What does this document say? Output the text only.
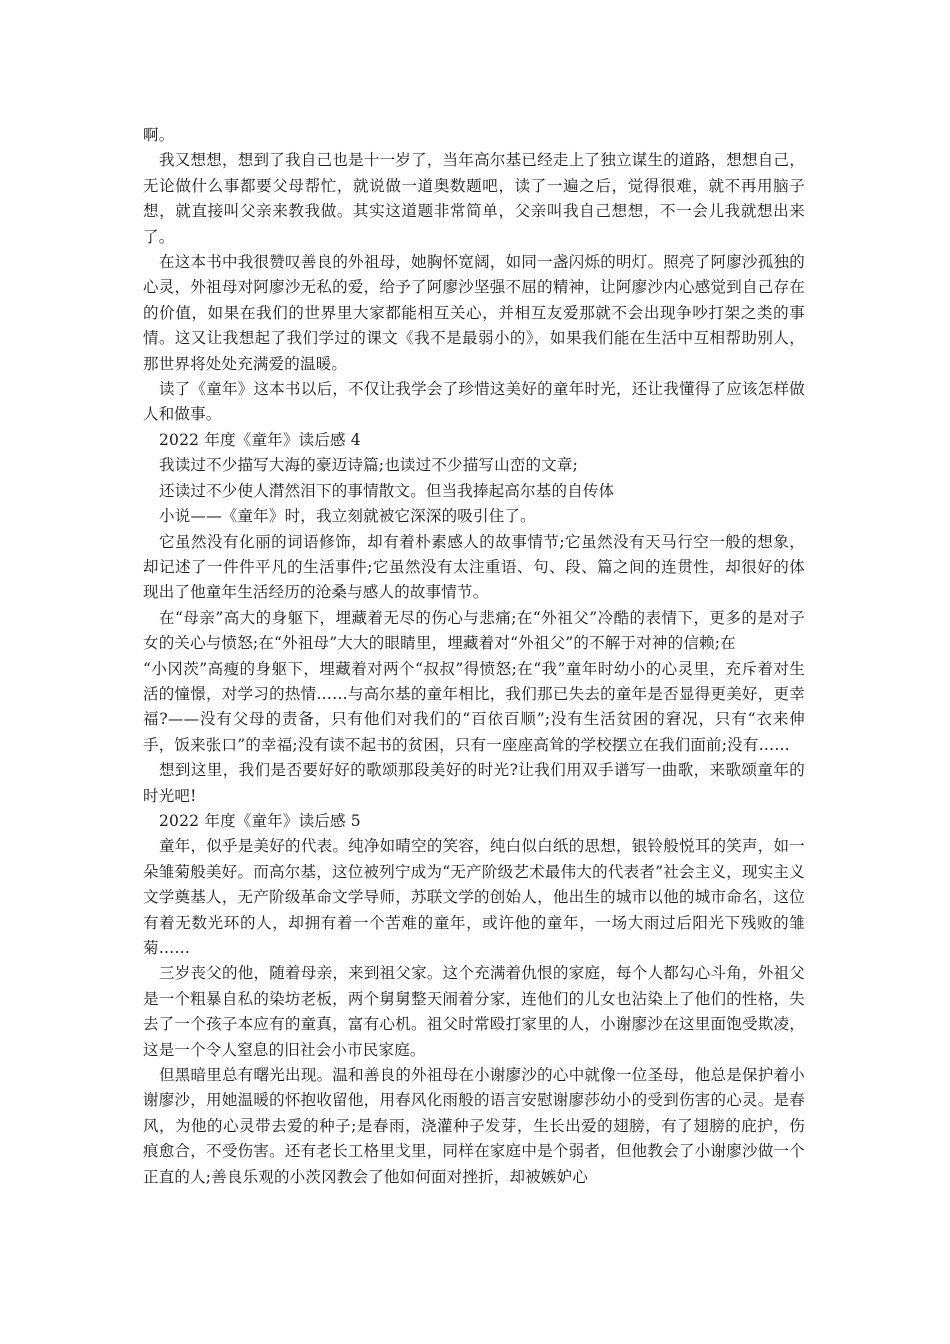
啊。

我又想想，想到了我自己也是十一岁了，当年高尔基已经走上了独立谋生的道路，想想自己，无论做什么事都要父母帮忙，就说做一道奥数题吧，读了一遍之后，觉得很难，就不再用脑子想，就直接叫父亲来教我做。其实这道题非常简单，父亲叫我自己想想，不一会儿我就想出来了。

在这本书中我很赞叹善良的外祖母，她胸怀宽阔，如同一盏闪烁的明灯。照亮了阿廖沙孤独的心灵，外祖母对阿廖沙无私的爱，给予了阿廖沙坚强不屈的精神，让阿廖沙内心感觉到自己存在的价值，如果在我们的世界里大家都能相互关心，并相互友爱那就不会出现争吵打架之类的事情。这又让我想起了我们学过的课文《我不是最弱小的》，如果我们能在生活中互相帮助别人，那世界将处处充满爱的温暖。

读了《童年》这本书以后，不仅让我学会了珍惜这美好的童年时光，还让我懂得了应该怎样做人和做事。

2022 年度《童年》读后感 4

我读过不少描写大海的豪迈诗篇;也读过不少描写山峦的文章;

还读过不少使人潸然泪下的事情散文。但当我捧起高尔基的自传体

小说——《童年》时，我立刻就被它深深的吸引住了。

它虽然没有化丽的词语修饰，却有着朴素感人的故事情节;它虽然没有天马行空一般的想象，却记述了一件件平凡的生活事件;它虽然没有太注重语、句、段、篇之间的连贯性，却很好的体现出了他童年生活经历的沧桑与感人的故事情节。

在“母亲”高大的身躯下，埋藏着无尽的伤心与悲痛;在“外祖父”冷酷的表情下，更多的是对子女的关心与愤怒;在“外祖母”大大的眼睛里，埋藏着对“外祖父”的不解于对神的信赖;在

“小冈茨”高瘦的身躯下，埋藏着对两个“叔叔”得愤怒;在“我”童年时幼小的心灵里，充斥着对生活的憧憬，对学习的热情……与高尔基的童年相比，我们那已失去的童年是否显得更美好，更幸福?——没有父母的责备，只有他们对我们的“百依百顺”;没有生活贫困的窘况，只有“衣来伸手，饭来张口”的幸福;没有读不起书的贫困，只有一座座高耸的学校摆立在我们面前;没有……

想到这里，我们是否要好好的歌颂那段美好的时光?让我们用双手谱写一曲歌，来歌颂童年的时光吧!

2022 年度《童年》读后感 5

童年，似乎是美好的代表。纯净如晴空的笑容，纯白似白纸的思想，银铃般悦耳的笑声，如一朵雏菊般美好。而高尔基，这位被列宁成为“无产阶级艺术最伟大的代表者”社会主义，现实主义文学奠基人，无产阶级革命文学导师，苏联文学的创始人，他出生的城市以他的城市命名，这位有着无数光环的人，却拥有着一个苦难的童年，或许他的童年，一场大雨过后阳光下残败的雏菊……

三岁丧父的他，随着母亲，来到祖父家。这个充满着仇恨的家庭，每个人都勾心斗角，外祖父是一个粗暴自私的染坊老板，两个舅舅整天闹着分家，连他们的儿女也沾染上了他们的性格，失去了一个孩子本应有的童真，富有心机。祖父时常殴打家里的人，小谢廖沙在这里面饱受欺凌，这是一个令人窒息的旧社会小市民家庭。

但黑暗里总有曙光出现。温和善良的外祖母在小谢廖沙的心中就像一位圣母，他总是保护着小谢廖沙，用她温暖的怀抱收留他，用春风化雨般的语言安慰谢廖莎幼小的受到伤害的心灵。是春风，为他的心灵带去爱的种子;是春雨，浇灌种子发芽，生长出爱的翅膀，有了翅膀的庇护，伤痕愈合，不受伤害。还有老长工格里戈里，同样在家庭中是个弱者，但他教会了小谢廖沙做一个正直的人;善良乐观的小茨冈教会了他如何面对挫折，却被嫉妒心
